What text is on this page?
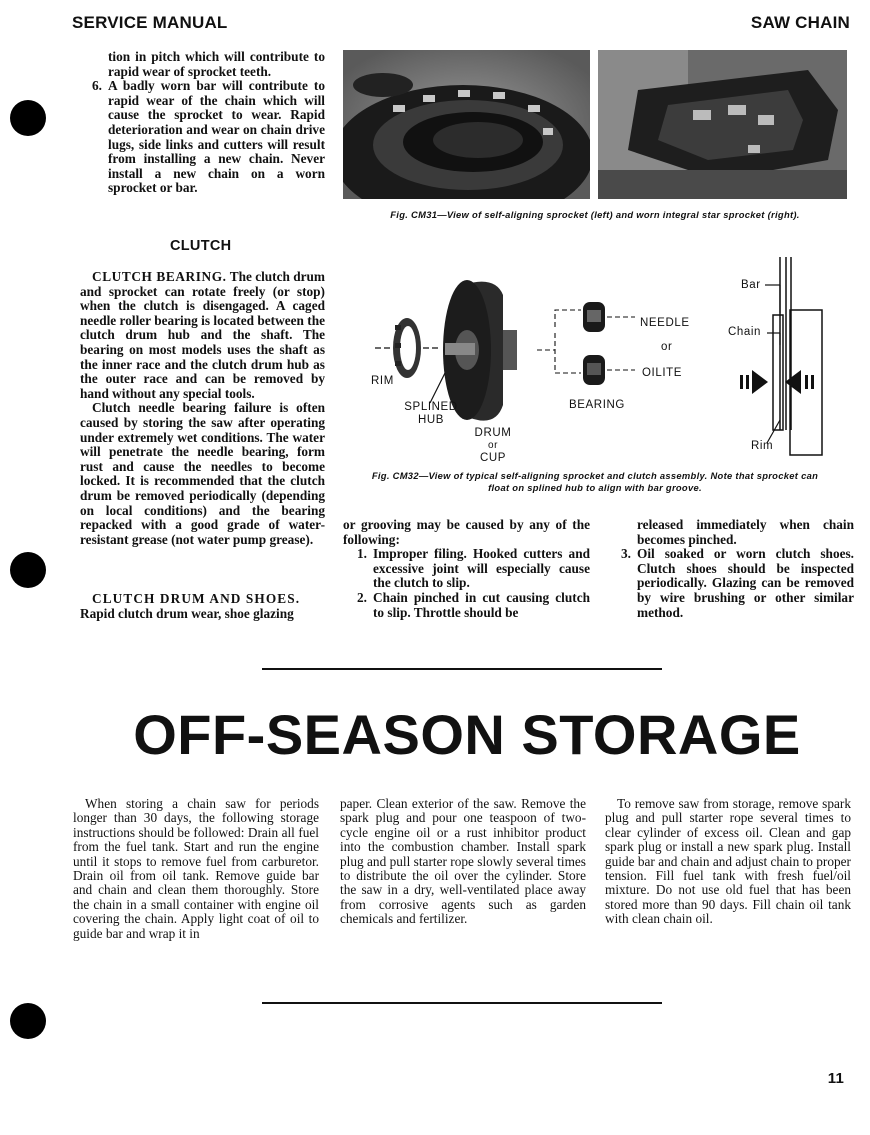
SERVICE MANUAL	SAW CHAIN

tion in pitch which will contribute to rapid wear of sprocket teeth.

6. A badly worn bar will contribute to rapid wear of the chain which will cause the sprocket to wear. Rapid deterioration and wear on chain drive lugs, side links and cutters will result from installing a new chain. Never install a new chain on a worn sprocket or bar.
CLUTCH

CLUTCH BEARING. The clutch drum and sprocket can rotate freely (or stop) when the clutch is disengaged. A caged needle roller bearing is located between the clutch drum hub and the shaft. The bearing on most models uses the shaft as the inner race and the clutch drum hub as the outer race and can be removed by hand without any special tools.

Clutch needle bearing failure is often caused by storing the saw after operating under extremely wet conditions. The water will penetrate the needle bearing, form rust and cause the needles to become locked. It is recommended that the clutch drum be removed periodically (depending on local conditions) and the bearing repacked with a good grade of water-resistant grease (not water pump grease).

CLUTCH DRUM AND SHOES.

Rapid clutch drum wear, shoe glazing

Fig. CM31—View of self-aligning sprocket (left) and worn integral star sprocket (right).
RIM
SPLINED
HUB
DRUM
or
CUP
NEEDLE
or
OILITE
BEARING
Bar
Chain
Rim
Fig. CM32—View of typical self-aligning sprocket and clutch assembly. Note that sprocket can float on splined hub to align with bar groove.

or grooving may be caused by any of the following:

1. Improper filing. Hooked cutters and excessive joint will especially cause the clutch to slip.
2. Chain pinched in cut causing clutch to slip. Throttle should be

released immediately when chain becomes pinched.

3. Oil soaked or worn clutch shoes. Clutch shoes should be inspected periodically. Glazing can be removed by wire brushing or other similar method.
OFF-SEASON STORAGE

When storing a chain saw for periods longer than 30 days, the following storage instructions should be followed: Drain all fuel from the fuel tank. Start and run the engine until it stops to remove fuel from carburetor. Drain oil from oil tank. Remove guide bar and chain and clean them thoroughly. Store the chain in a small container with engine oil covering the chain. Apply light coat of oil to guide bar and wrap it in

paper. Clean exterior of the saw. Remove the spark plug and pour one teaspoon of two-cycle engine oil or a rust inhibitor product into the combustion chamber. Install spark plug and pull starter rope slowly several times to distribute the oil over the cylinder. Store the saw in a dry, well-ventilated place away from corrosive agents such as garden chemicals and fertilizer.

To remove saw from storage, remove spark plug and pull starter rope several times to clear cylinder of excess oil. Clean and gap spark plug or install a new spark plug. Install guide bar and chain and adjust chain to proper tension. Fill fuel tank with fresh fuel/oil mixture. Do not use old fuel that has been stored more than 90 days. Fill chain oil tank with clean chain oil.

11
